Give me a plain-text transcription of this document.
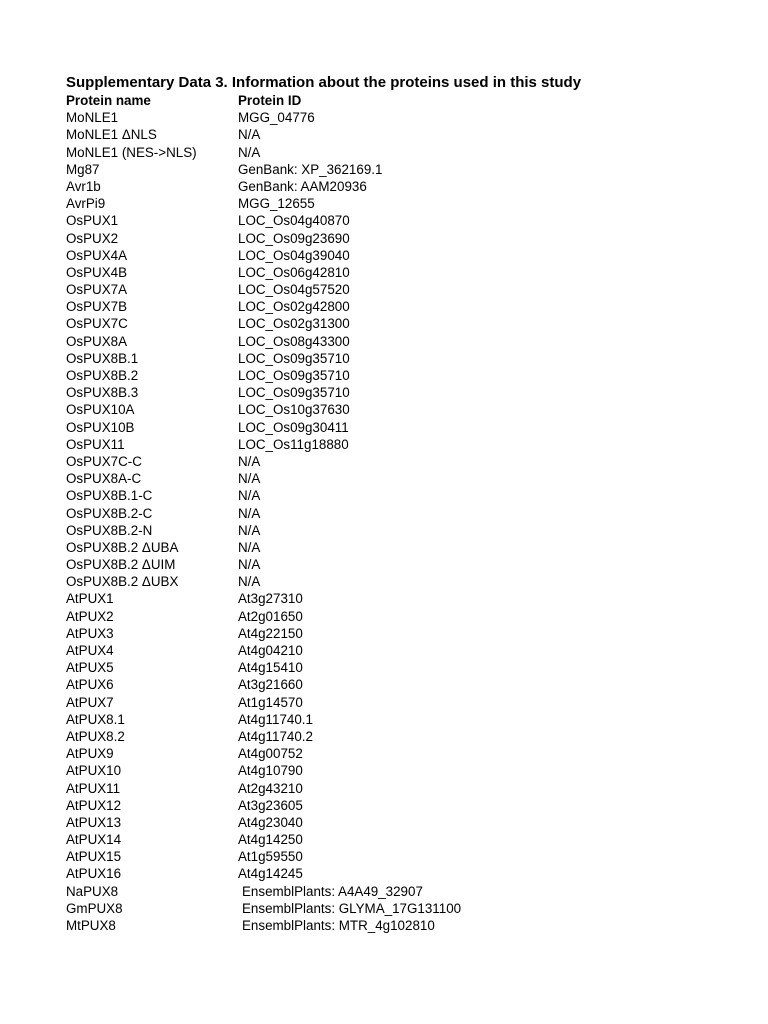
Supplementary Data 3. Information about the proteins used in this study
Protein name	Protein ID
MoNLE1	MGG_04776
MoNLE1 ΔNLS	N/A
MoNLE1 (NES->NLS)	N/A
Mg87	GenBank: XP_362169.1
Avr1b	GenBank: AAM20936
AvrPi9	MGG_12655
OsPUX1	LOC_Os04g40870
OsPUX2	LOC_Os09g23690
OsPUX4A	LOC_Os04g39040
OsPUX4B	LOC_Os06g42810
OsPUX7A	LOC_Os04g57520
OsPUX7B	LOC_Os02g42800
OsPUX7C	LOC_Os02g31300
OsPUX8A	LOC_Os08g43300
OsPUX8B.1	LOC_Os09g35710
OsPUX8B.2	LOC_Os09g35710
OsPUX8B.3	LOC_Os09g35710
OsPUX10A	LOC_Os10g37630
OsPUX10B	LOC_Os09g30411
OsPUX11	LOC_Os11g18880
OsPUX7C-C	N/A
OsPUX8A-C	N/A
OsPUX8B.1-C	N/A
OsPUX8B.2-C	N/A
OsPUX8B.2-N	N/A
OsPUX8B.2 ΔUBA	N/A
OsPUX8B.2 ΔUIM	N/A
OsPUX8B.2 ΔUBX	N/A
AtPUX1	At3g27310
AtPUX2	At2g01650
AtPUX3	At4g22150
AtPUX4	At4g04210
AtPUX5	At4g15410
AtPUX6	At3g21660
AtPUX7	At1g14570
AtPUX8.1	At4g11740.1
AtPUX8.2	At4g11740.2
AtPUX9	At4g00752
AtPUX10	At4g10790
AtPUX11	At2g43210
AtPUX12	At3g23605
AtPUX13	At4g23040
AtPUX14	At4g14250
AtPUX15	At1g59550
AtPUX16	At4g14245
NaPUX8	EnsemblPlants: A4A49_32907
GmPUX8	EnsemblPlants: GLYMA_17G131100
MtPUX8	EnsemblPlants: MTR_4g102810
